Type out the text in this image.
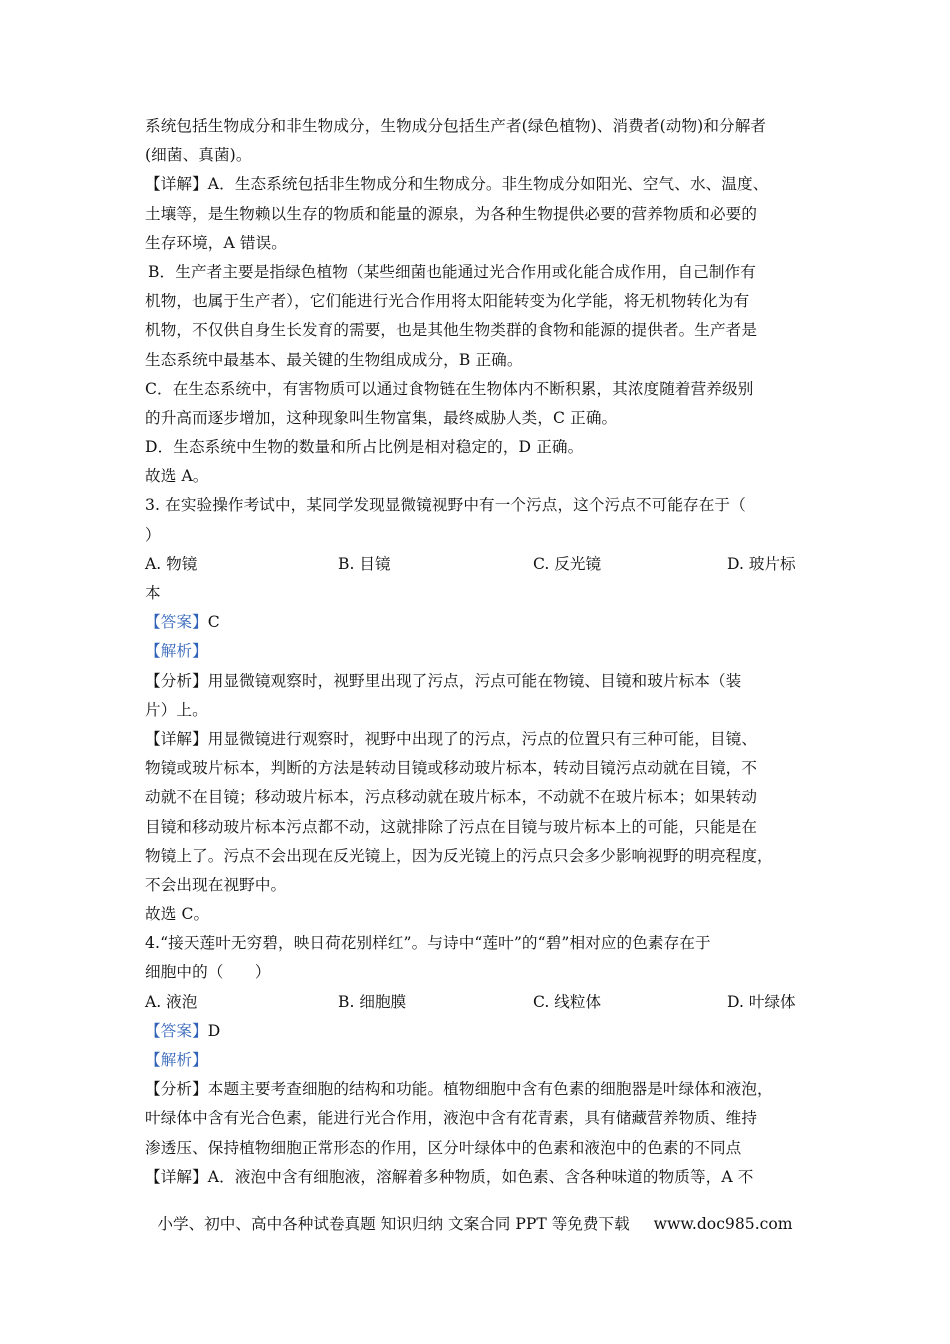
系统包括生物成分和非生物成分，生物成分包括生产者(绿色植物)、消费者(动物)和分解者
(细菌、真菌)。
【详解】A．生态系统包括非生物成分和生物成分。非生物成分如阳光、空气、水、温度、
土壤等，是生物赖以生存的物质和能量的源泉，为各种生物提供必要的营养物质和必要的
生存环境，A 错误。
B．生产者主要是指绿色植物（某些细菌也能通过光合作用或化能合成作用，自己制作有
机物，也属于生产者），它们能进行光合作用将太阳能转变为化学能，将无机物转化为有
机物，不仅供自身生长发育的需要，也是其他生物类群的食物和能源的提供者。生产者是
生态系统中最基本、最关键的生物组成成分，B 正确。
C．在生态系统中，有害物质可以通过食物链在生物体内不断积累，其浓度随着营养级别
的升高而逐步增加，这种现象叫生物富集，最终威胁人类，C 正确。
D．生态系统中生物的数量和所占比例是相对稳定的，D 正确。
故选 A。
3. 在实验操作考试中，某同学发现显微镜视野中有一个污点，这个污点不可能存在于（
）
A. 物镜	B. 目镜	C. 反光镜	D. 玻片标
本
【答案】C
【解析】
【分析】用显微镜观察时，视野里出现了污点，污点可能在物镜、目镜和玻片标本（装
片）上。
【详解】用显微镜进行观察时，视野中出现了的污点，污点的位置只有三种可能，目镜、
物镜或玻片标本，判断的方法是转动目镜或移动玻片标本，转动目镜污点动就在目镜，不
动就不在目镜；移动玻片标本，污点移动就在玻片标本，不动就不在玻片标本；如果转动
目镜和移动玻片标本污点都不动，这就排除了污点在目镜与玻片标本上的可能，只能是在
物镜上了。污点不会出现在反光镜上，因为反光镜上的污点只会多少影响视野的明亮程度，
不会出现在视野中。
故选 C。
4.“接天莲叶无穷碧，映日荷花别样红”。与诗中“莲叶”的“碧”相对应的色素存在于
细胞中的（　　）
A. 液泡	B. 细胞膜	C. 线粒体	D. 叶绿体
【答案】D
【解析】
【分析】本题主要考查细胞的结构和功能。植物细胞中含有色素的细胞器是叶绿体和液泡，
叶绿体中含有光合色素，能进行光合作用，液泡中含有花青素，具有储藏营养物质、维持
渗透压、保持植物细胞正常形态的作用，区分叶绿体中的色素和液泡中的色素的不同点
【详解】A．液泡中含有细胞液，溶解着多种物质，如色素、含各种味道的物质等，A 不
小学、初中、高中各种试卷真题 知识归纳 文案合同 PPT 等免费下载 www.doc985.com
